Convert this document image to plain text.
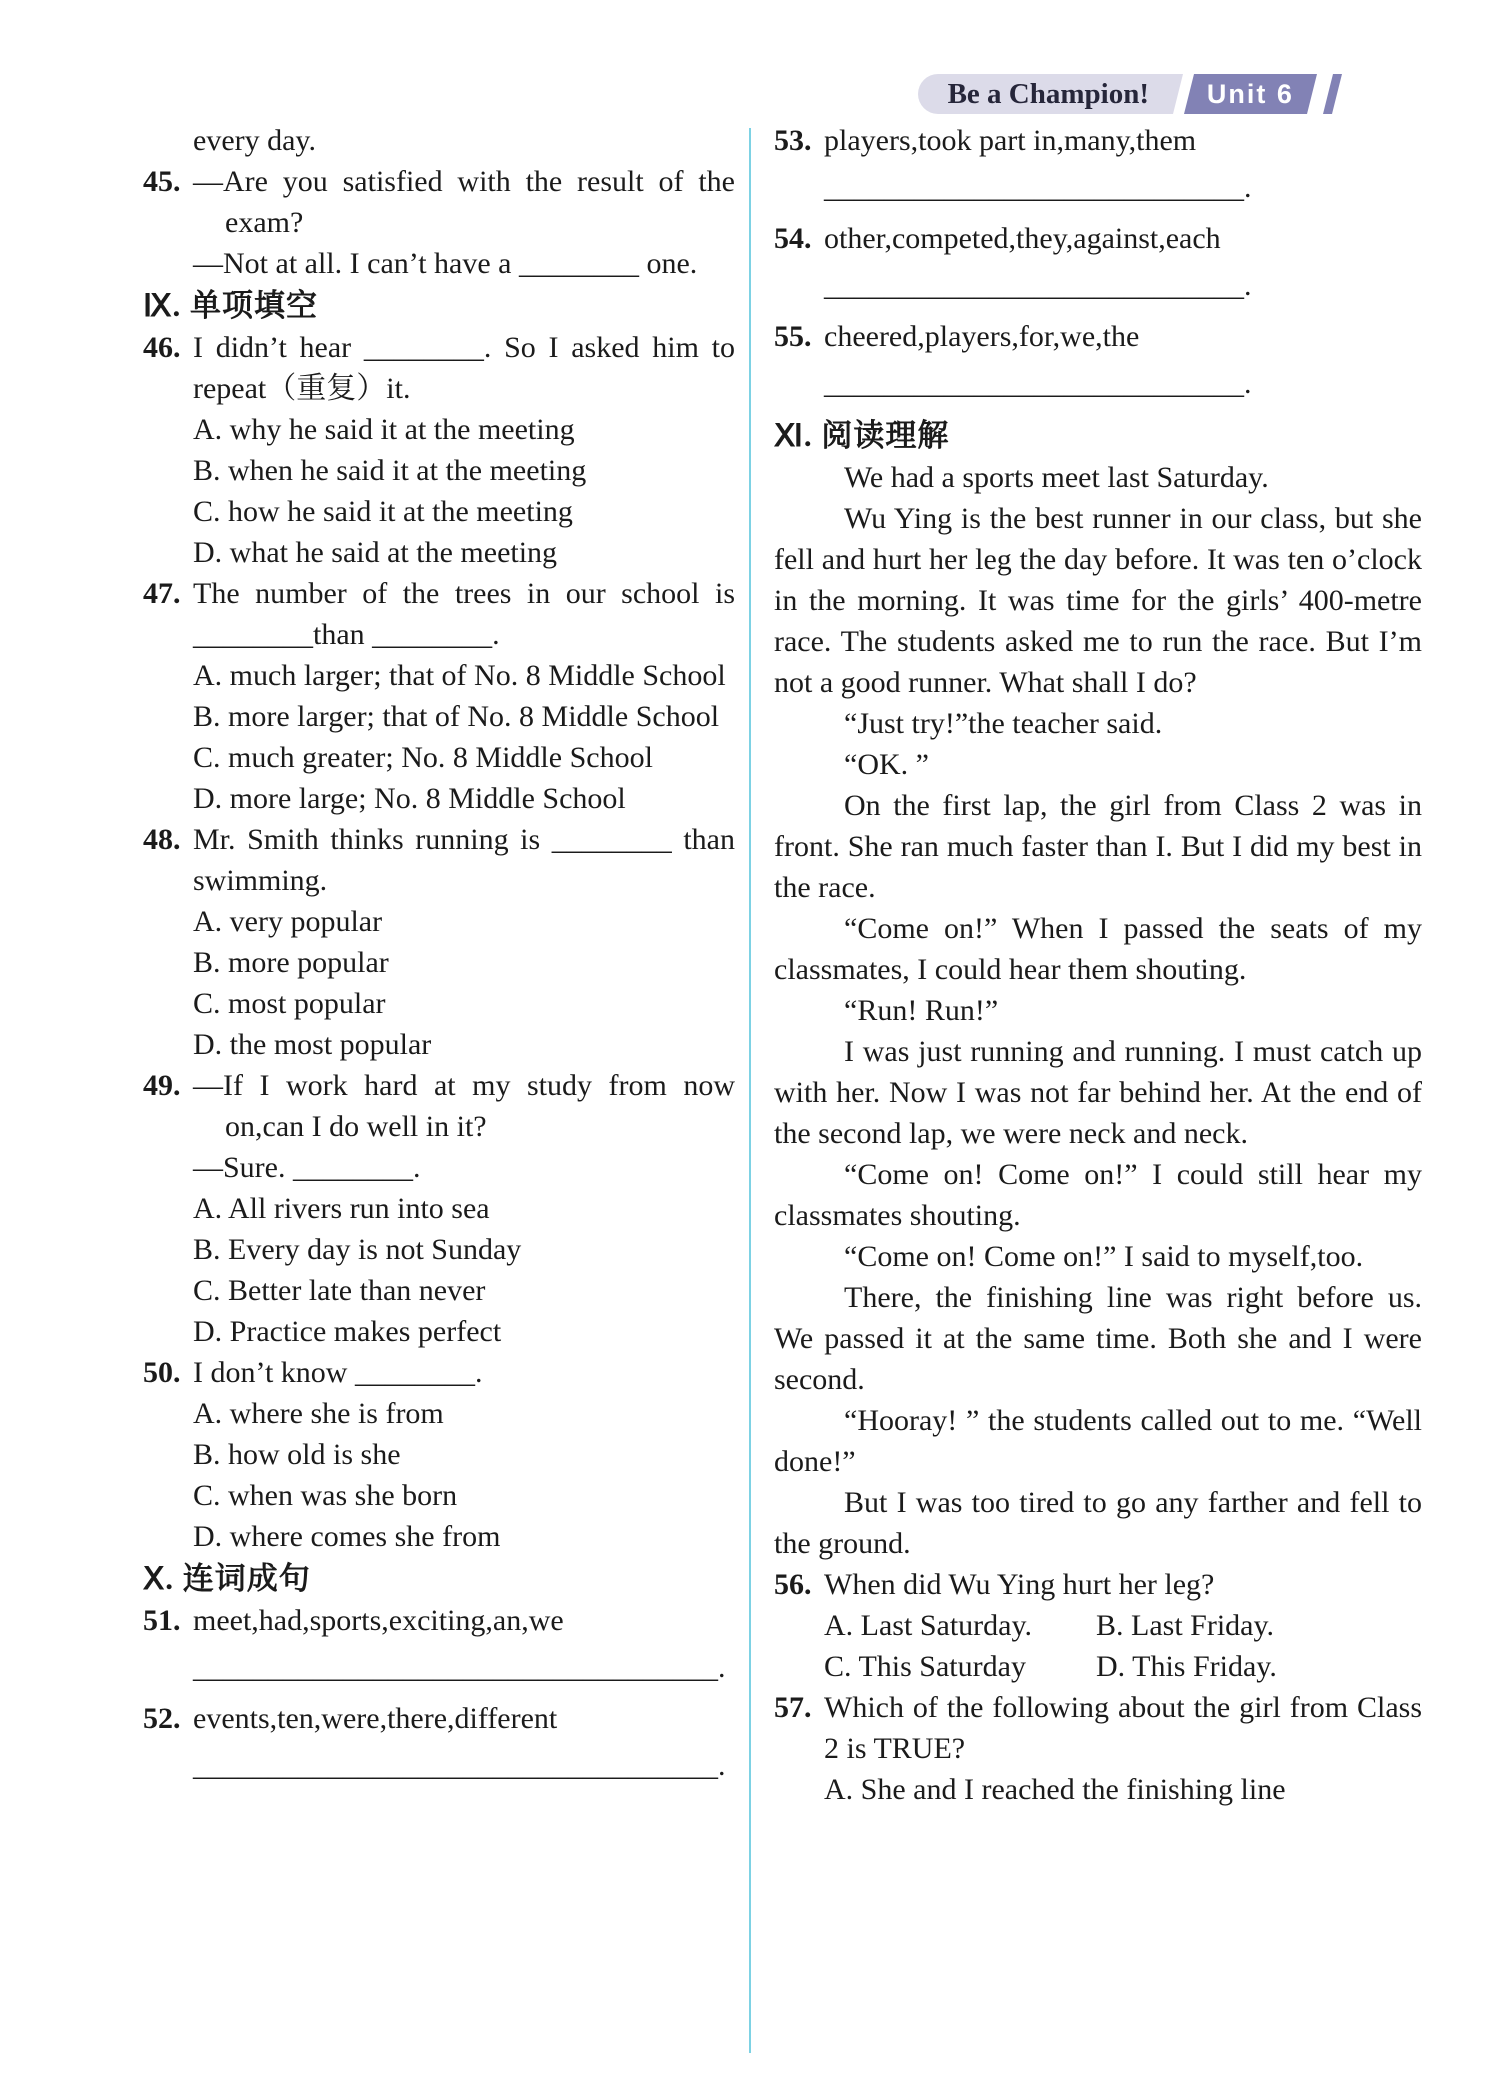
Be a Champion! Unit 6

every day.

45. —Are you satisfied with the result of the exam?

—Not at all. I can’t have a ________ one.

Ⅸ. 单项填空

46. I didn’t hear ________. So I asked him to repeat（重复）it.

A. why he said it at the meeting

B. when he said it at the meeting

C. how he said it at the meeting

D. what he said at the meeting

47. The number of the trees in our school is ________than ________.

A. much larger; that of No. 8 Middle School

B. more larger; that of No. 8 Middle School

C. much greater; No. 8 Middle School

D. more large; No. 8 Middle School

48. Mr. Smith thinks running is ________ than swimming.

A. very popular

B. more popular

C. most popular

D. the most popular

49. —If I work hard at my study from now on,can I do well in it?

—Sure. ________.

A. All rivers run into sea

B. Every day is not Sunday

C. Better late than never

D. Practice makes perfect

50. I don’t know ________.

A. where she is from

B. how old is she

C. when was she born

D. where comes she from

Ⅹ. 连词成句

51. meet,had,sports,exciting,an,we

___________________________________.

52. events,ten,were,there,different

___________________________________.

53. players,took part in,many,them

____________________________.

54. other,competed,they,against,each

____________________________.

55. cheered,players,for,we,the

____________________________.

Ⅺ. 阅读理解

We had a sports meet last Saturday.

Wu Ying is the best runner in our class, but she fell and hurt her leg the day before. It was ten o’clock in the morning. It was time for the girls’ 400-metre race. The students asked me to run the race. But I’m not a good runner. What shall I do?

“Just try!”the teacher said.

“OK. ”

On the first lap, the girl from Class 2 was in front. She ran much faster than I. But I did my best in the race.

“Come on!” When I passed the seats of my classmates, I could hear them shouting.

“Run! Run!”

I was just running and running. I must catch up with her. Now I was not far behind her. At the end of the second lap, we were neck and neck.

“Come on! Come on!” I could still hear my classmates shouting.

“Come on! Come on!” I said to myself,too.

There, the finishing line was right before us. We passed it at the same time. Both she and I were second.

“Hooray! ” the students called out to me. “Well done!”

But I was too tired to go any farther and fell to the ground.

56. When did Wu Ying hurt her leg?

A. Last Saturday. B. Last Friday.

C. This Saturday D. This Friday.

57. Which of the following about the girl from Class 2 is TRUE?

A. She and I reached the finishing line
